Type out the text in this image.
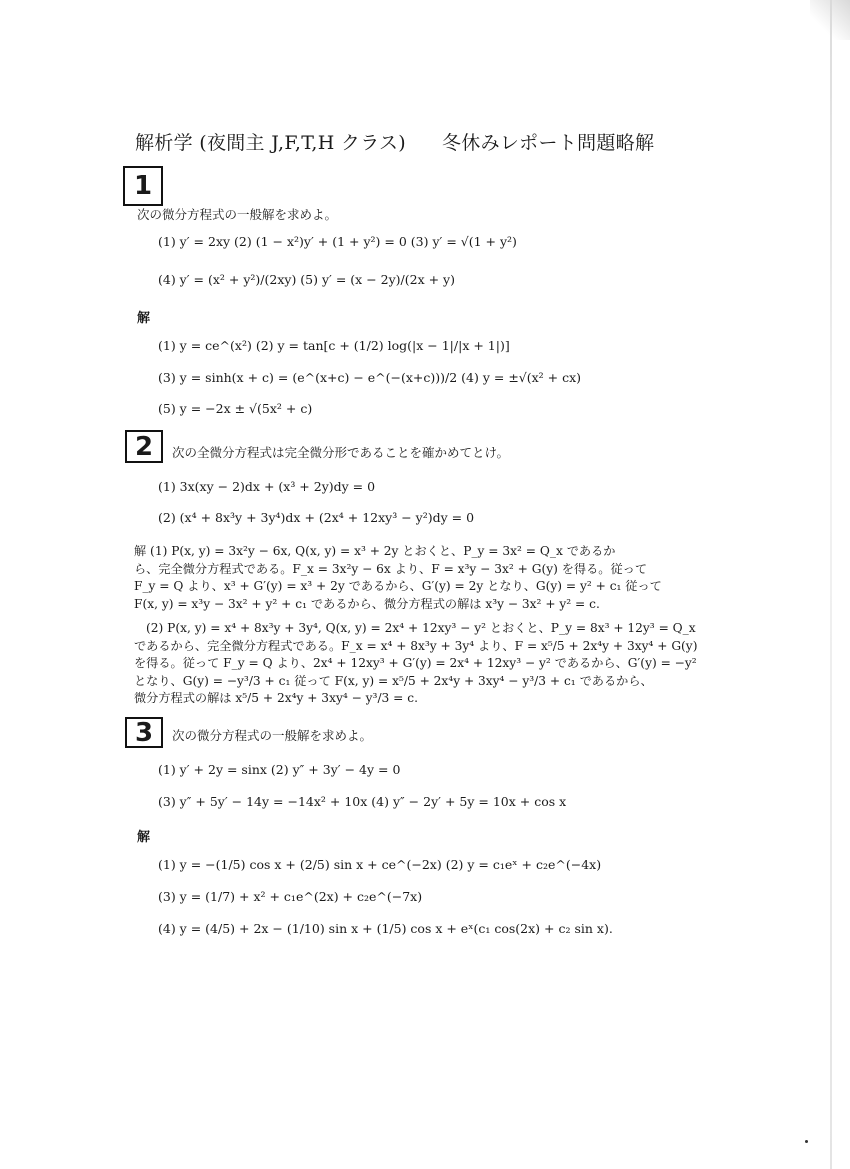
解析学 (夜間主 J,F,T,H クラス) 冬休みレポート問題略解
1
次の微分方程式の一般解を求めよ。
(1) y′ = 2xy (2) (1 − x²)y′ + (1 + y²) = 0 (3) y′ = √(1 + y²)
(4) y′ = (x² + y²)/(2xy) (5) y′ = (x − 2y)/(2x + y)
解
(1) y = ce^(x²) (2) y = tan[c + (1/2) log(|x − 1|/|x + 1|)]
(3) y = sinh(x + c) = (e^(x+c) − e^(−(x+c)))/2 (4) y = ±√(x² + cx)
(5) y = −2x ± √(5x² + c)
2 次の全微分方程式は完全微分形であることを確かめてとけ。
(1) 3x(xy − 2)dx + (x³ + 2y)dy = 0
(2) (x⁴ + 8x³y + 3y⁴)dx + (2x⁴ + 12xy³ − y²)dy = 0
解 (1) P(x, y) = 3x²y − 6x, Q(x, y) = x³ + 2y とおくと、P_y = 3x² = Q_x であるか
ら、完全微分方程式である。F_x = 3x²y − 6x より、F = x³y − 3x² + G(y) を得る。従って
F_y = Q より、x³ + G′(y) = x³ + 2y であるから、G′(y) = 2y となり、G(y) = y² + c₁ 従って
F(x, y) = x³y − 3x² + y² + c₁ であるから、微分方程式の解は x³y − 3x² + y² = c.
(2) P(x, y) = x⁴ + 8x³y + 3y⁴, Q(x, y) = 2x⁴ + 12xy³ − y² とおくと、P_y = 8x³ + 12y³ = Q_x
であるから、完全微分方程式である。F_x = x⁴ + 8x³y + 3y⁴ より、F = x⁵/5 + 2x⁴y + 3xy⁴ + G(y)
を得る。従って F_y = Q より、2x⁴ + 12xy³ + G′(y) = 2x⁴ + 12xy³ − y² であるから、G′(y) = −y²
となり、G(y) = −y³/3 + c₁ 従って F(x, y) = x⁵/5 + 2x⁴y + 3xy⁴ − y³/3 + c₁ であるから、
微分方程式の解は x⁵/5 + 2x⁴y + 3xy⁴ − y³/3 = c.
3 次の微分方程式の一般解を求めよ。
(1) y′ + 2y = sinx (2) y″ + 3y′ − 4y = 0
(3) y″ + 5y′ − 14y = −14x² + 10x (4) y″ − 2y′ + 5y = 10x + cos x
解
(1) y = −(1/5) cos x + (2/5) sin x + ce^(−2x) (2) y = c₁eˣ + c₂e^(−4x)
(3) y = (1/7) + x² + c₁e^(2x) + c₂e^(−7x)
(4) y = (4/5) + 2x − (1/10) sin x + (1/5) cos x + eˣ(c₁ cos(2x) + c₂ sin x).
